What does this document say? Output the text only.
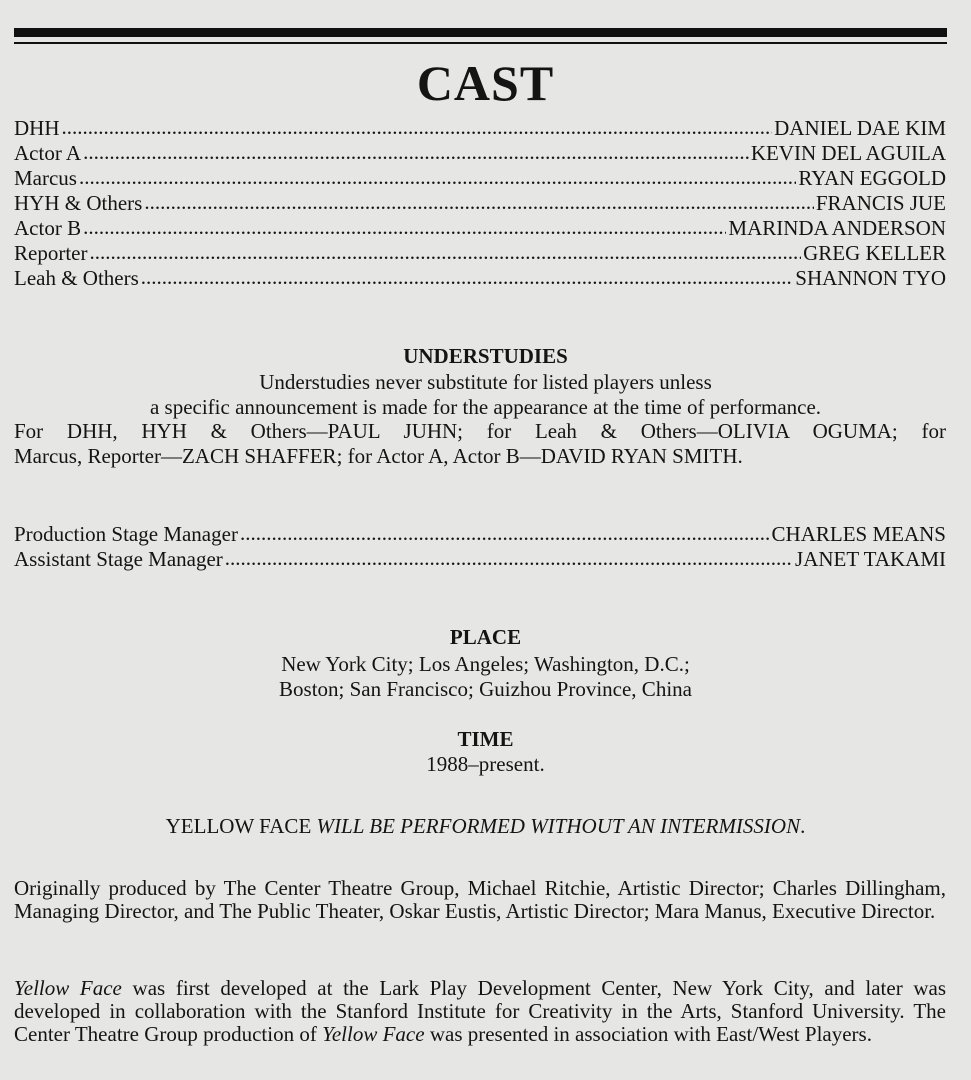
CAST
DHH .....	DANIEL DAE KIM
Actor A .....	KEVIN DEL AGUILA
Marcus .....	RYAN EGGOLD
HYH & Others .....	FRANCIS JUE
Actor B .....	MARINDA ANDERSON
Reporter .....	GREG KELLER
Leah & Others .....	SHANNON TYO
UNDERSTUDIES
Understudies never substitute for listed players unless
a specific announcement is made for the appearance at the time of performance.
For DHH, HYH & Others—PAUL JUHN; for Leah & Others—OLIVIA OGUMA; for
Marcus, Reporter—ZACH SHAFFER; for Actor A, Actor B—DAVID RYAN SMITH.
Production Stage Manager .....	CHARLES MEANS
Assistant Stage Manager .....	JANET TAKAMI
PLACE
New York City; Los Angeles; Washington, D.C.;
Boston; San Francisco; Guizhou Province, China
TIME
1988–present.
YELLOW FACE WILL BE PERFORMED WITHOUT AN INTERMISSION.
Originally produced by The Center Theatre Group, Michael Ritchie, Artistic Director; Charles Dillingham, Managing Director, and The Public Theater, Oskar Eustis, Artistic Director; Mara Manus, Executive Director.
Yellow Face was first developed at the Lark Play Development Center, New York City, and later was developed in collaboration with the Stanford Institute for Creativity in the Arts, Stanford University. The Center Theatre Group production of Yellow Face was presented in association with East/West Players.
